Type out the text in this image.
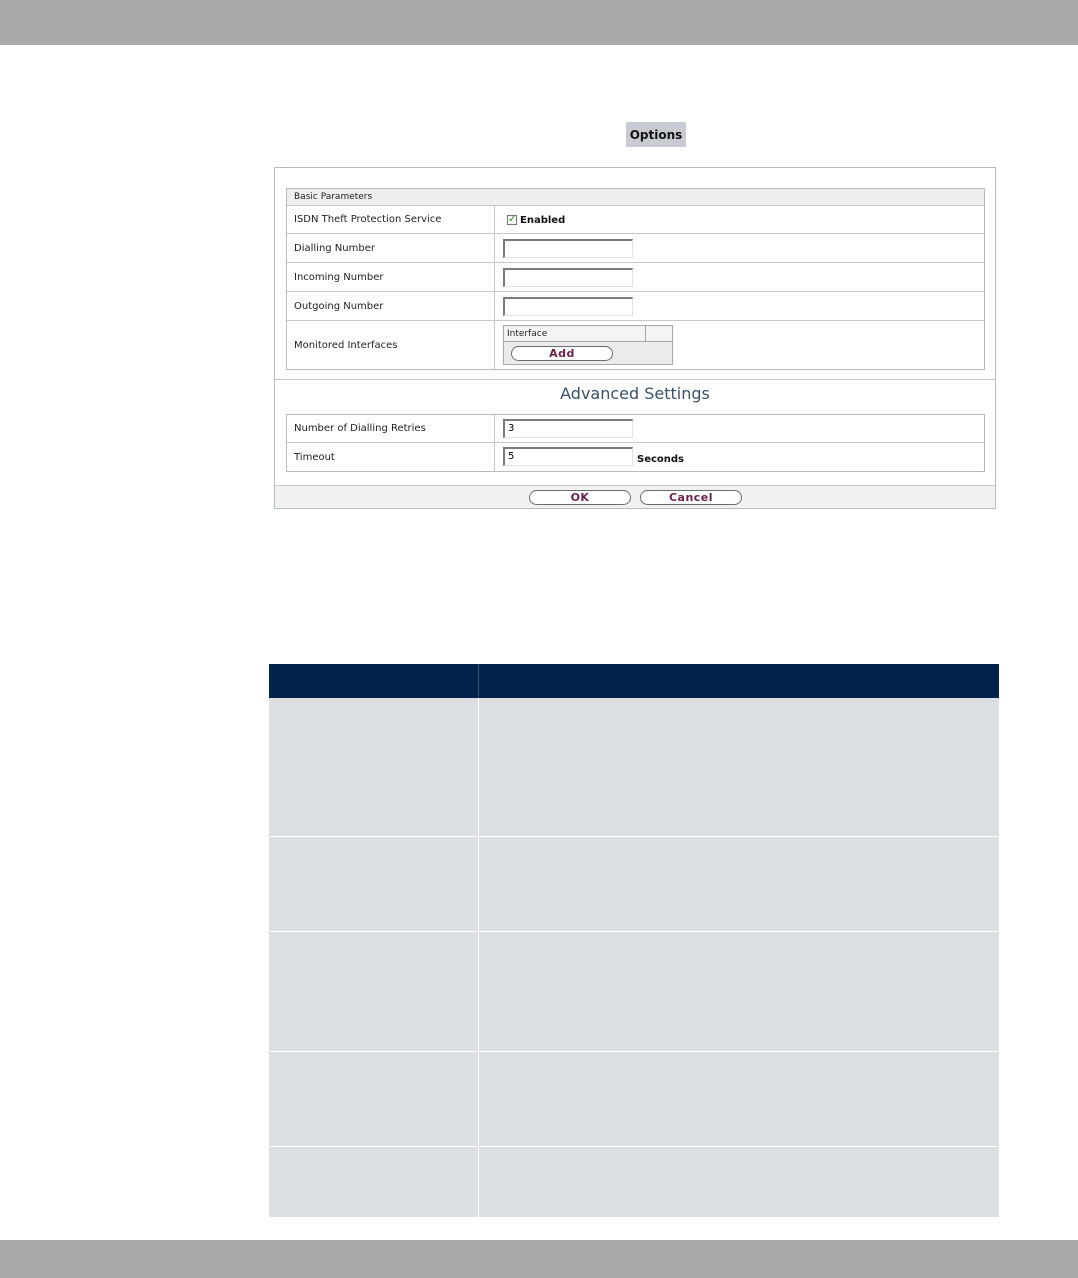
Options
Basic Parameters
ISDN Theft Protection Service	✓ Enabled
Dialling Number
Incoming Number
Outgoing Number
Monitored Interfaces
Interface
Add
Advanced Settings
Number of Dialling Retries	3
Timeout	5	Seconds
OK	Cancel
